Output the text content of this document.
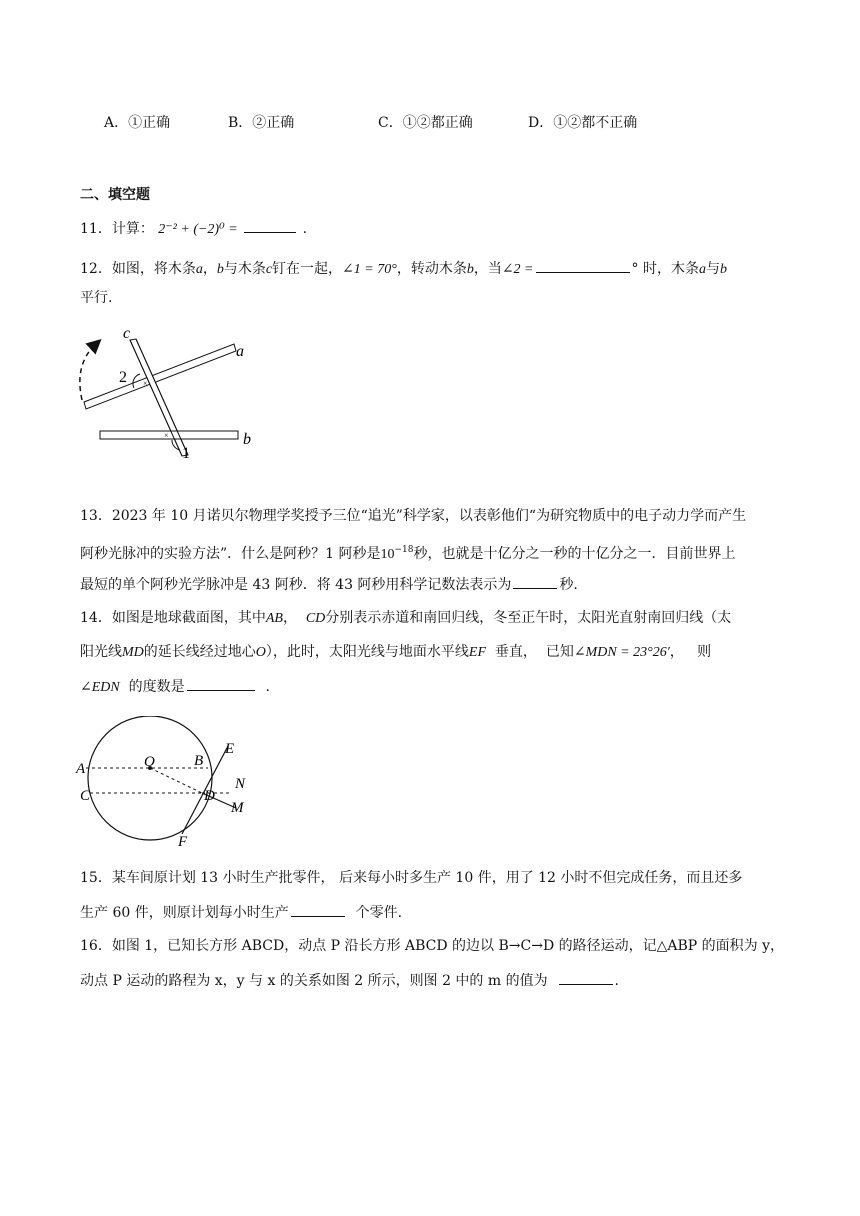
A．①正确	B．②正确	C．①②都正确	D．①②都不正确
二、填空题
11．计算： 2⁻² + (−2)⁰ =	.
12．如图，将木条a，b与木条c钉在一起，∠1 = 70°，转动木条b，当∠2 =	° 时，木条a与b
平行.
×
×
c
a
b
1
2
13．2023 年 10 月诺贝尔物理学奖授予三位“追光”科学家，以表彰他们“为研究物质中的电子动力学而产生
阿秒光脉冲的实验方法”．什么是阿秒？1 阿秒是$10^{-18}$秒，也就是十亿分之一秒的十亿分之一．目前世界上
最短的单个阿秒光学脉冲是 43 阿秒．将 43 阿秒用科学记数法表示为	秒.
14．如图是地球截面图，其中AB， CD分别表示赤道和南回归线，冬至正午时，太阳光直射南回归线（太
阳光线MD的延长线经过地心O），此时，太阳光线与地面水平线EF 垂直， 已知∠MDN = 23°26′， 则
∠EDN 的度数是	.
O
A	B
C	D
E
F
M
N
15．某车间原计划 13 小时生产批零件， 后来每小时多生产 10 件，用了 12 小时不但完成任务，而且还多
生产 60 件，则原计划每小时生产	个零件.
16．如图 1，已知长方形 ABCD，动点 P 沿长方形 ABCD 的边以 B→C→D 的路径运动，记△ABP 的面积为 y，
动点 P 运动的路程为 x，y 与 x 的关系如图 2 所示，则图 2 中的 m 的值为	.
